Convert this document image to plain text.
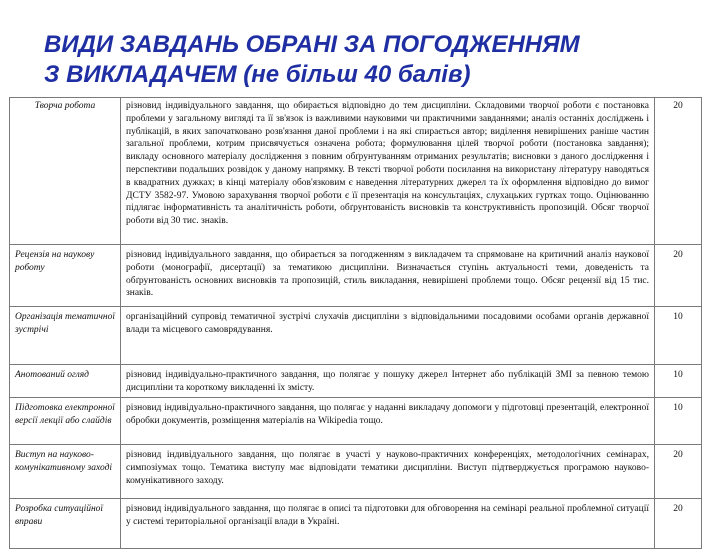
ВИДИ ЗАВДАНЬ ОБРАНІ ЗА ПОГОДЖЕННЯМ
З ВИКЛАДАЧЕМ (не більш 40 балів)
Творча робота	різновид індивідуального завдання, що обирається відповідно до тем дисципліни. Складовими творчої роботи є постановка проблеми у загальному вигляді та її зв'язок із важливими науковими чи практичними завданнями; аналіз останніх досліджень і публікацій, в яких започатковано розв'язання даної проблеми і на які спирається автор; виділення невирішених раніше частин загальної проблеми, котрим присвячується означена робота; формулювання цілей творчої роботи (постановка завдання); викладу основного матеріалу дослідження з повним обґрунтуванням отриманих результатів; висновки з даного дослідження і перспективи подальших розвідок у даному напрямку. В тексті творчої роботи посилання на використану літературу наводяться в квадратних дужках; в кінці матеріалу обов'язковим є наведення літературних джерел та їх оформлення відповідно до вимог ДСТУ 3582-97. Умовою зарахування творчої роботи є її презентація на консультаціях, слухацьких гуртках тощо. Оцінюванню підлягає інформативність та аналітичність роботи, обґрунтованість висновків та конструктивність пропозицій. Обсяг творчої роботи від 30 тис. знаків.	20
Рецензія на наукову роботу	різновид індивідуального завдання, що обирається за погодженням з викладачем та спрямоване на критичний аналіз наукової роботи (монографії, дисертації) за тематикою дисципліни. Визначається ступінь актуальності теми, доведеність та обґрунтованість основних висновків та пропозицій, стиль викладання, невирішені проблеми тощо. Обсяг рецензії від 15 тис. знаків.	20
Організація тематичної зустрічі	організаційний супровід тематичної зустрічі слухачів дисципліни з відповідальними посадовими особами органів державної влади та місцевого самоврядування.	10
Анотований огляд	різновид індивідуально-практичного завдання, що полягає у пошуку джерел Інтернет або публікацій ЗМІ за певною темою дисципліни та короткому викладенні їх змісту.	10
Підготовка електронної версії лекції або слайдів	різновид індивідуально-практичного завдання, що полягає у наданні викладачу допомоги у підготовці презентацій, електронної обробки документів, розміщення матеріалів на Wikipedia тощо.	10
Виступ на науково-комунікативному заході	різновид індивідуального завдання, що полягає в участі у науково-практичних конференціях, методологічних семінарах, симпозіумах тощо. Тематика виступу має відповідати тематики дисципліни. Виступ підтверджується програмою науково-комунікативного заходу.	20
Розробка ситуаційної вправи	різновид індивідуального завдання, що полягає в описі та підготовки для обговорення на семінарі реальної проблемної ситуації у системі територіальної організації влади в Україні.	20
